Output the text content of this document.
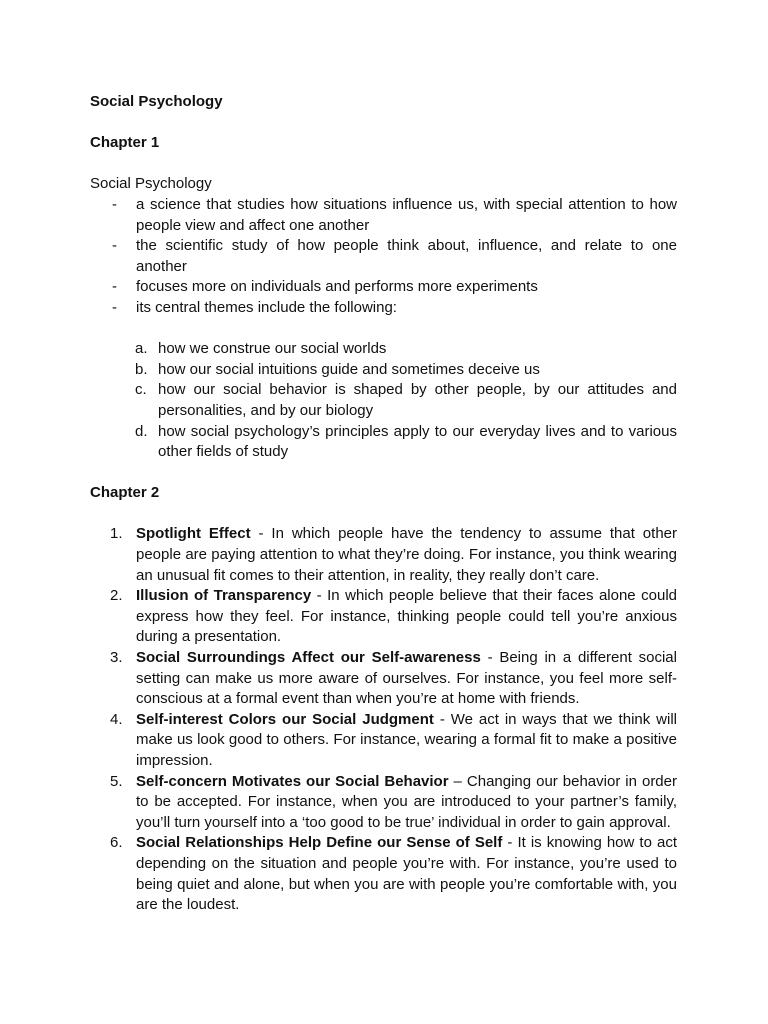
Social Psychology

Chapter 1

Social Psychology

- a science that studies how situations influence us, with special attention to how people view and affect one another
- the scientific study of how people think about, influence, and relate to one another
- focuses more on individuals and performs more experiments
- its central themes include the following:
a. how we construe our social worlds
b. how our social intuitions guide and sometimes deceive us
c. how our social behavior is shaped by other people, by our attitudes and personalities, and by our biology
d. how social psychology’s principles apply to our everyday lives and to various other fields of study

Chapter 2

1. Spotlight Effect - In which people have the tendency to assume that other people are paying attention to what they’re doing. For instance, you think wearing an unusual fit comes to their attention, in reality, they really don’t care.
2. Illusion of Transparency - In which people believe that their faces alone could express how they feel. For instance, thinking people could tell you’re anxious during a presentation.
3. Social Surroundings Affect our Self-awareness - Being in a different social setting can make us more aware of ourselves. For instance, you feel more self-conscious at a formal event than when you’re at home with friends.
4. Self-interest Colors our Social Judgment - We act in ways that we think will make us look good to others. For instance, wearing a formal fit to make a positive impression.
5. Self-concern Motivates our Social Behavior – Changing our behavior in order to be accepted. For instance, when you are introduced to your partner’s family, you’ll turn yourself into a ‘too good to be true’ individual in order to gain approval.
6. Social Relationships Help Define our Sense of Self - It is knowing how to act depending on the situation and people you’re with. For instance, you’re used to being quiet and alone, but when you are with people you’re comfortable with, you are the loudest.
